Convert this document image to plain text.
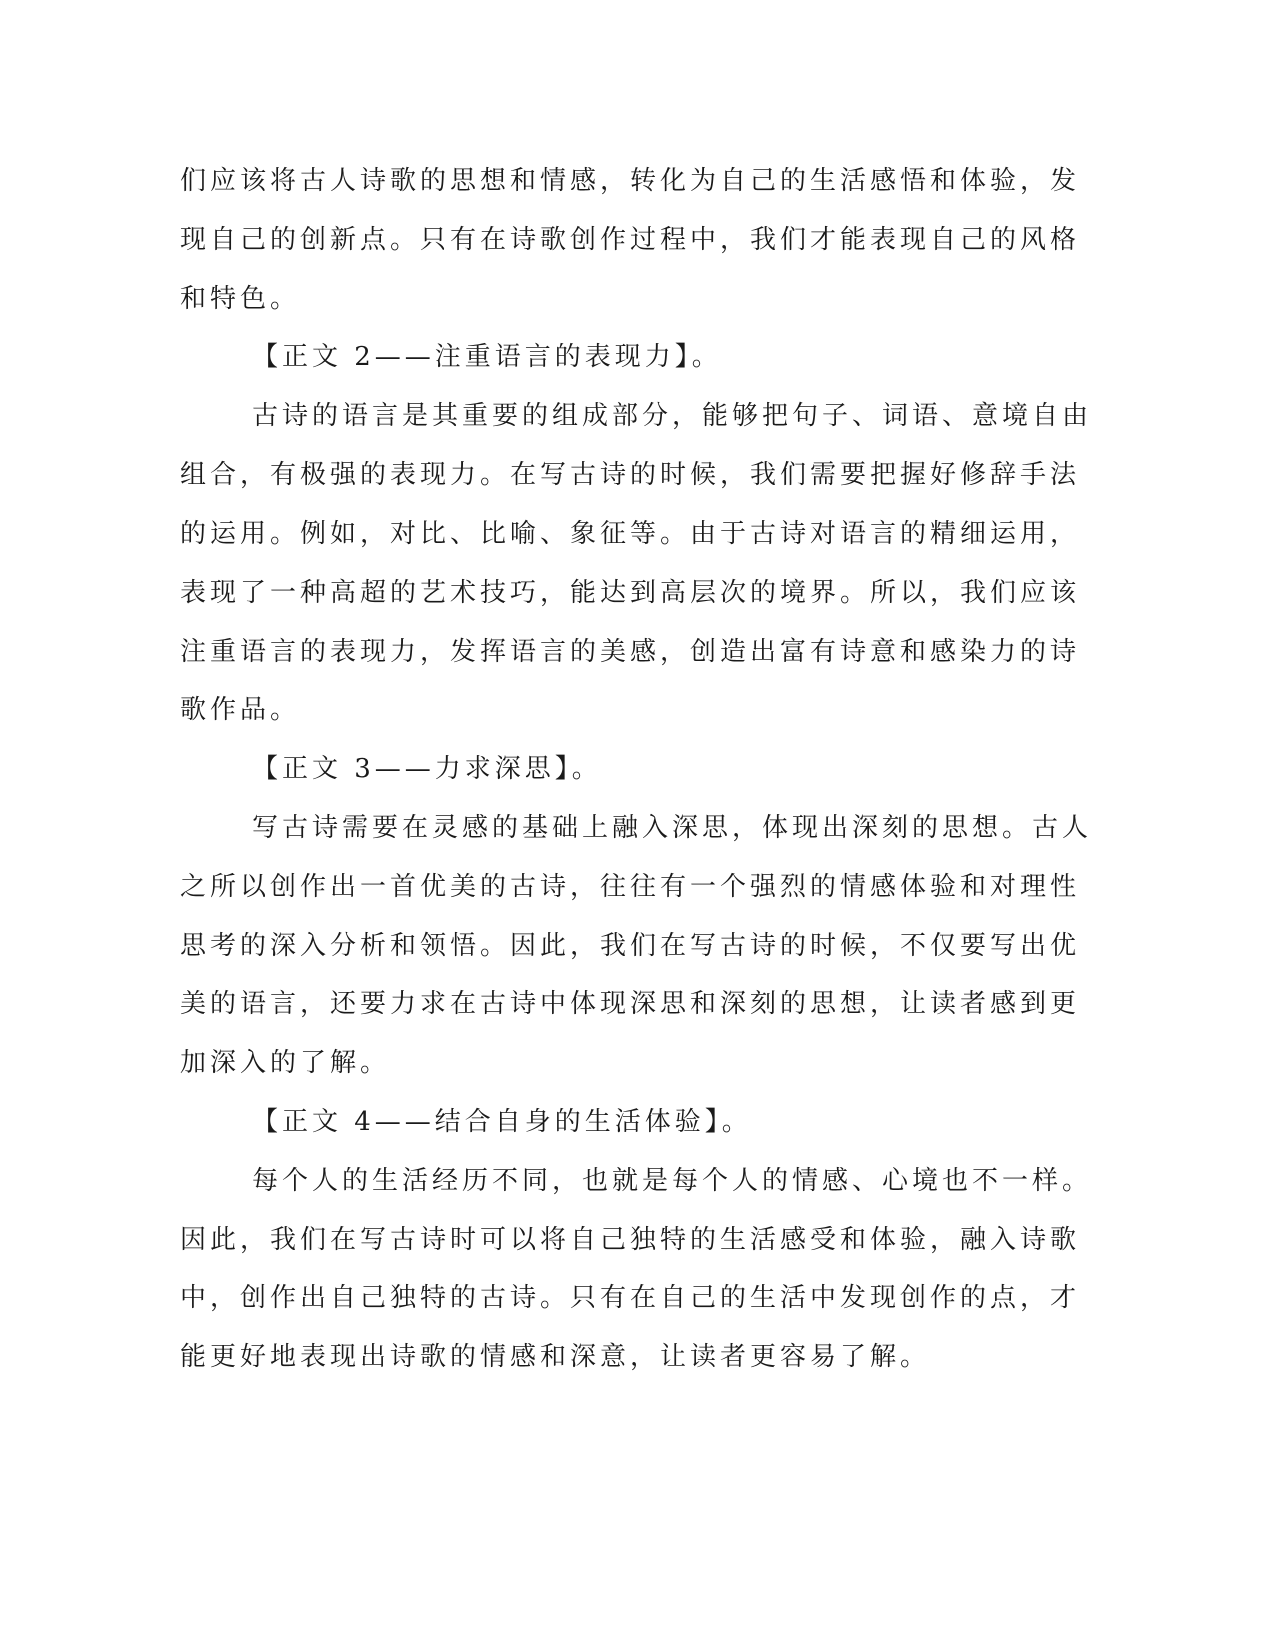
们应该将古人诗歌的思想和情感，转化为自己的生活感悟和体验，发

现自己的创新点。只有在诗歌创作过程中，我们才能表现自己的风格

和特色。

【正文 2——注重语言的表现力】。

古诗的语言是其重要的组成部分，能够把句子、词语、意境自由

组合，有极强的表现力。在写古诗的时候，我们需要把握好修辞手法

的运用。例如，对比、比喻、象征等。由于古诗对语言的精细运用，

表现了一种高超的艺术技巧，能达到高层次的境界。所以，我们应该

注重语言的表现力，发挥语言的美感，创造出富有诗意和感染力的诗

歌作品。

【正文 3——力求深思】。

写古诗需要在灵感的基础上融入深思，体现出深刻的思想。古人

之所以创作出一首优美的古诗，往往有一个强烈的情感体验和对理性

思考的深入分析和领悟。因此，我们在写古诗的时候，不仅要写出优

美的语言，还要力求在古诗中体现深思和深刻的思想，让读者感到更

加深入的了解。

【正文 4——结合自身的生活体验】。

每个人的生活经历不同，也就是每个人的情感、心境也不一样。

因此，我们在写古诗时可以将自己独特的生活感受和体验，融入诗歌

中，创作出自己独特的古诗。只有在自己的生活中发现创作的点，才

能更好地表现出诗歌的情感和深意，让读者更容易了解。
